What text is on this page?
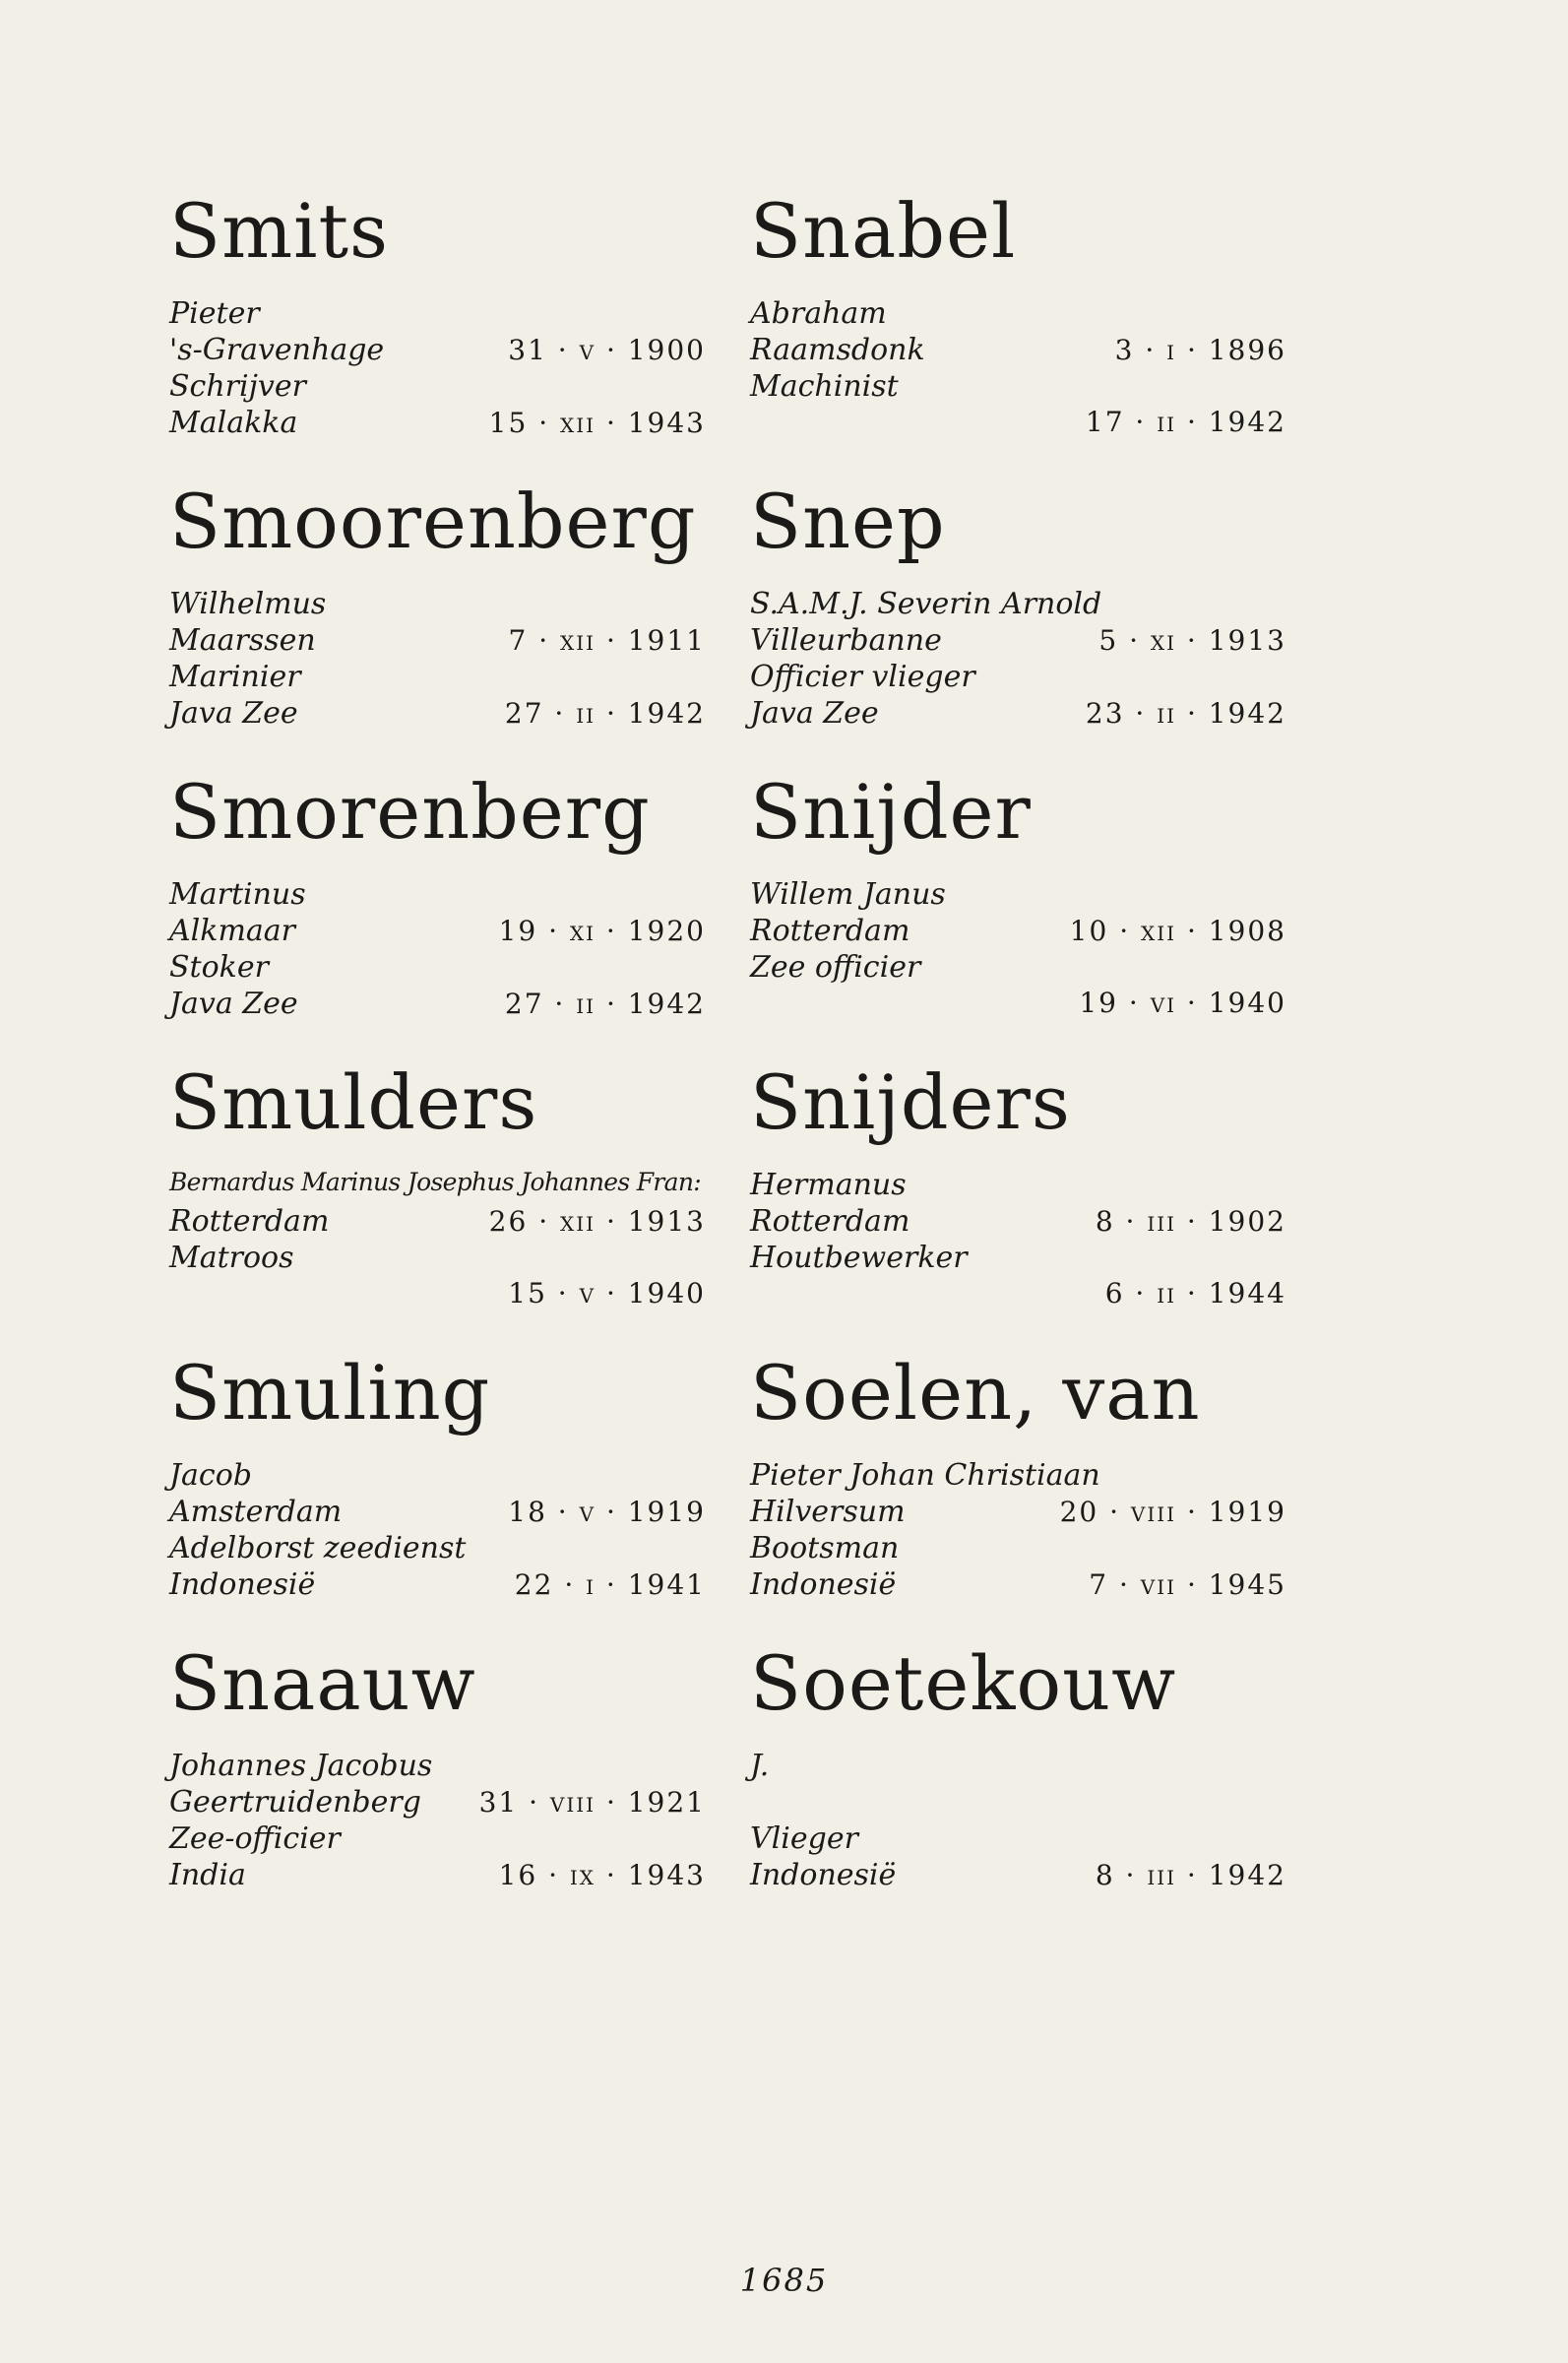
Smits
Pieter
's-Gravenhage	31 · v · 1900
Schrijver
Malakka	15 · xii · 1943
Smoorenberg
Wilhelmus
Maarssen	7 · xii · 1911
Marinier
Java Zee	27 · ii · 1942
Smorenberg
Martinus
Alkmaar	19 · xi · 1920
Stoker
Java Zee	27 · ii · 1942
Smulders
Bernardus Marinus Josephus Johannes Fran:
Rotterdam	26 · xii · 1913
Matroos
15 · v · 1940
Smuling
Jacob
Amsterdam	18 · v · 1919
Adelborst zeedienst
Indonesië	22 · i · 1941
Snaauw
Johannes Jacobus
Geertruidenberg 31 · viii · 1921
Zee-officier
India	16 · ix · 1943
Snabel
Abraham
Raamsdonk	3 · i · 1896
Machinist
17 · ii · 1942
Snep
S.A.M.J. Severin Arnold
Villeurbanne	5 · xi · 1913
Officier vlieger
Java Zee	23 · ii · 1942
Snijder
Willem Janus
Rotterdam	10 · xii · 1908
Zee officier
19 · vi · 1940
Snijders
Hermanus
Rotterdam	8 · iii · 1902
Houtbewerker
6 · ii · 1944
Soelen, van
Pieter Johan Christiaan
Hilversum	20 · viii · 1919
Bootsman
Indonesië	7 · vii · 1945
Soetekouw
J.
Vlieger
Indonesië	8 · iii · 1942
1685
